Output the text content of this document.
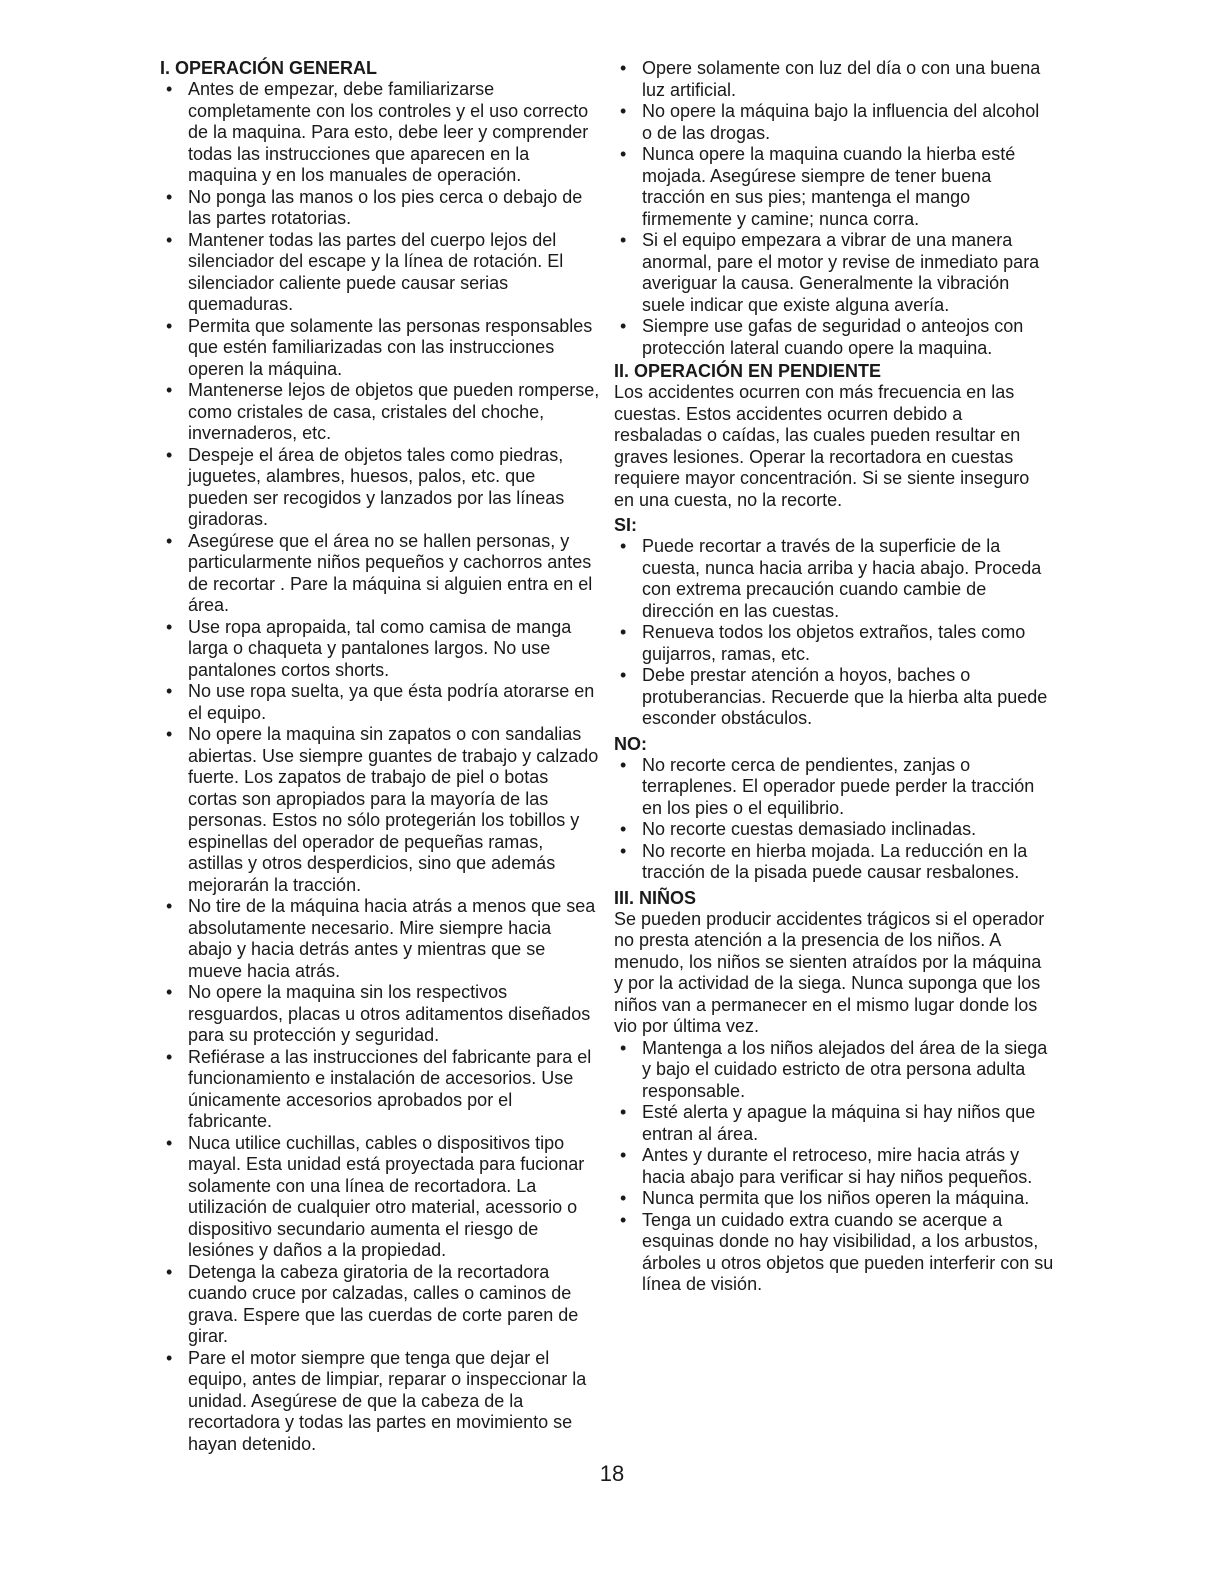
I. OPERACIÓN GENERAL

• Antes de empezar, debe familiarizarse completamente con los controles y el uso correcto de la maquina. Para esto, debe leer y comprender todas las instrucciones que aparecen en la maquina y en los manuales de operación.
• No ponga las manos o los pies cerca o debajo de las partes rotatorias.
• Mantener todas las partes del cuerpo lejos del silenciador del escape y la línea de rotación. El silenciador caliente puede causar serias quemaduras.
• Permita que solamente las personas responsables que estén familiarizadas con las instrucciones operen la máquina.
• Mantenerse lejos de objetos que pueden romperse, como cristales de casa, cristales del choche, invernaderos, etc.
• Despeje el área de objetos tales como piedras, juguetes, alambres, huesos, palos, etc. que pueden ser recogidos y lanzados por las líneas giradoras.
• Asegúrese que el área no se hallen personas, y particularmente niños pequeños y cachorros antes de recortar . Pare la máquina si alguien entra en el área.
• Use ropa apropaida, tal como camisa de manga larga o chaqueta y pantalones largos. No use pantalones cortos shorts.
• No use ropa suelta, ya que ésta podría atorarse en el equipo.
• No opere la maquina sin zapatos o con sandalias abiertas. Use siempre guantes de trabajo y calzado fuerte. Los zapatos de trabajo de piel o botas cortas son apropiados para la mayoría de las personas. Estos no sólo protegerián los tobillos y espinellas del operador de pequeñas ramas, astillas y otros desperdicios, sino que además mejorarán la tracción.
• No tire de la máquina hacia atrás a menos que sea absolutamente necesario. Mire siempre hacia abajo y hacia detrás antes y mientras que se mueve hacia atrás.
• No opere la maquina sin los respectivos resguardos, placas u otros aditamentos diseñados para su protección y seguridad.
• Refiérase a las instrucciones del fabricante para el funcionamiento e instalación de accesorios. Use únicamente accesorios aprobados por el fabricante.
• Nuca utilice cuchillas, cables o dispositivos tipo mayal. Esta unidad está proyectada para fucionar solamente con una línea de recortadora. La utilización de cualquier otro material, acessorio o dispositivo secundario aumenta el riesgo de lesiónes y daños a la propiedad.
• Detenga la cabeza giratoria de la recortadora cuando cruce por calzadas, calles o caminos de grava. Espere que las cuerdas de corte paren de girar.
• Pare el motor siempre que tenga que dejar el equipo, antes de limpiar, reparar o inspeccionar la unidad. Asegúrese de que la cabeza de la recortadora y todas las partes en movimiento se hayan detenido.
• Opere solamente con luz del día o con una buena luz artificial.
• No opere la máquina bajo la influencia del alcohol o de las drogas.
• Nunca opere la maquina cuando la hierba esté mojada. Asegúrese siempre de tener buena tracción en sus pies; mantenga el mango firmemente y camine; nunca corra.
• Si el equipo empezara a vibrar de una manera anormal, pare el motor y revise de inmediato para averiguar la causa. Generalmente la vibración suele indicar que existe alguna avería.
• Siempre use gafas de seguridad o anteojos con protección lateral cuando opere la maquina.

II. OPERACIÓN EN PENDIENTE

Los accidentes ocurren con más frecuencia en las cuestas. Estos accidentes ocurren debido a resbaladas o caídas, las cuales pueden resultar en graves lesiones. Operar la recortadora en cuestas requiere mayor concentración. Si se siente inseguro en una cuesta, no la recorte.

SI:

• Puede recortar a través de la superficie de la cuesta, nunca hacia arriba y hacia abajo. Proceda con extrema precaución cuando cambie de dirección en las cuestas.
• Renueva todos los objetos extraños, tales como guijarros, ramas, etc.
• Debe prestar atención a hoyos, baches o protuberancias. Recuerde que la hierba alta puede esconder obstáculos.

NO:

• No recorte cerca de pendientes, zanjas o terraplenes. El operador puede perder la tracción en los pies o el equilibrio.
• No recorte cuestas demasiado inclinadas.
• No recorte en hierba mojada. La reducción en la tracción de la pisada puede causar resbalones.

III. NIÑOS

Se pueden producir accidentes trágicos si el operador no presta atención a la presencia de los niños. A menudo, los niños se sienten atraídos por la máquina y por la actividad de la siega. Nunca suponga que los niños van a permanecer en el mismo lugar donde los vio por última vez.

• Mantenga a los niños alejados del área de la siega y bajo el cuidado estricto de otra persona adulta responsable.
• Esté alerta y apague la máquina si hay niños que entran al área.
• Antes y durante el retroceso, mire hacia atrás y hacia abajo para verificar si hay niños pequeños.
• Nunca permita que los niños operen la máquina.
• Tenga un cuidado extra cuando se acerque a esquinas donde no hay visibilidad, a los arbustos, árboles u otros objetos que pueden interferir con su línea de visión.
18
